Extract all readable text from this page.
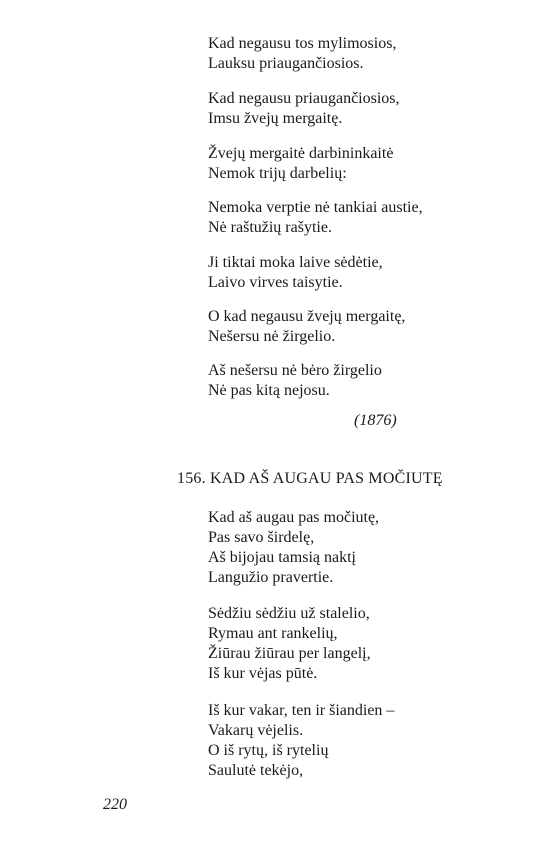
Kad negausu tos mylimosios,
Lauksu priaugančiosios.
Kad negausu priaugančiosios,
Imsu žvejų mergaitę.
Žvejų mergaitė darbininkaitė
Nemok trijų darbelių:
Nemoka verptie nė tankiai austie,
Nė raštužių rašytie.
Ji tiktai moka laive sėdėtie,
Laivo virves taisytie.
O kad negausu žvejų mergaitę,
Nešersu nė žirgelio.
Aš nešersu nė bėro žirgelio
Nė pas kitą nejosu.
(1876)
156. KAD AŠ AUGAU PAS MOČIUTĘ
Kad aš augau pas močiutę,
Pas savo širdelę,
Aš bijojau tamsią naktį
Langužio pravertie.
Sėdžiu sėdžiu už stalelio,
Rymau ant rankelių,
Žiūrau žiūrau per langelį,
Iš kur vėjas pūtė.
Iš kur vakar, ten ir šiandien –
Vakarų vėjelis.
O iš rytų, iš rytelių
Saulutė tekėjo,
220
